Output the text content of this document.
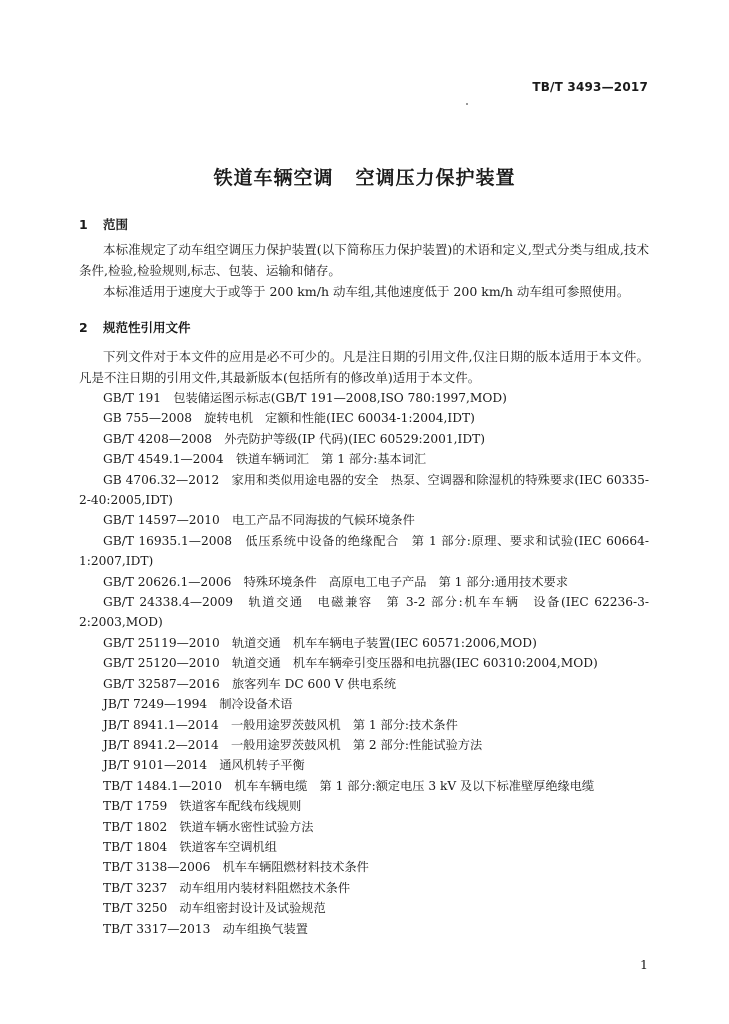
TB/T 3493—2017
铁道车辆空调 空调压力保护装置
1 范围

本标准规定了动车组空调压力保护装置(以下简称压力保护装置)的术语和定义,型式分类与组成,技术条件,检验,检验规则,标志、包装、运输和储存。

本标准适用于速度大于或等于 200 km/h 动车组,其他速度低于 200 km/h 动车组可参照使用。

2 规范性引用文件

下列文件对于本文件的应用是必不可少的。凡是注日期的引用文件,仅注日期的版本适用于本文件。凡是不注日期的引用文件,其最新版本(包括所有的修改单)适用于本文件。

GB/T 191　包装储运图示标志(GB/T 191—2008,ISO 780:1997,MOD)
GB 755—2008　旋转电机　定额和性能(IEC 60034-1:2004,IDT)
GB/T 4208—2008　外壳防护等级(IP 代码)(IEC 60529:2001,IDT)
GB/T 4549.1—2004　铁道车辆词汇　第 1 部分:基本词汇
GB 4706.32—2012　家用和类似用途电器的安全　热泵、空调器和除湿机的特殊要求(IEC 60335-2-40:2005,IDT)
GB/T 14597—2010　电工产品不同海拔的气候环境条件
GB/T 16935.1—2008　低压系统中设备的绝缘配合　第 1 部分:原理、要求和试验(IEC 60664-1:2007,IDT)
GB/T 20626.1—2006　特殊环境条件　高原电工电子产品　第 1 部分:通用技术要求
GB/T 24338.4—2009　轨道交通　电磁兼容　第 3-2 部分:机车车辆　设备(IEC 62236-3-2:2003,MOD)
GB/T 25119—2010　轨道交通　机车车辆电子装置(IEC 60571:2006,MOD)
GB/T 25120—2010　轨道交通　机车车辆牵引变压器和电抗器(IEC 60310:2004,MOD)
GB/T 32587—2016　旅客列车 DC 600 V 供电系统
JB/T 7249—1994　制冷设备术语
JB/T 8941.1—2014　一般用途罗茨鼓风机　第 1 部分:技术条件
JB/T 8941.2—2014　一般用途罗茨鼓风机　第 2 部分:性能试验方法
JB/T 9101—2014　通风机转子平衡
TB/T 1484.1—2010　机车车辆电缆　第 1 部分:额定电压 3 kV 及以下标准壁厚绝缘电缆
TB/T 1759　铁道客车配线布线规则
TB/T 1802　铁道车辆水密性试验方法
TB/T 1804　铁道客车空调机组
TB/T 3138—2006　机车车辆阻燃材料技术条件
TB/T 3237　动车组用内装材料阻燃技术条件
TB/T 3250　动车组密封设计及试验规范
TB/T 3317—2013　动车组换气装置
1
